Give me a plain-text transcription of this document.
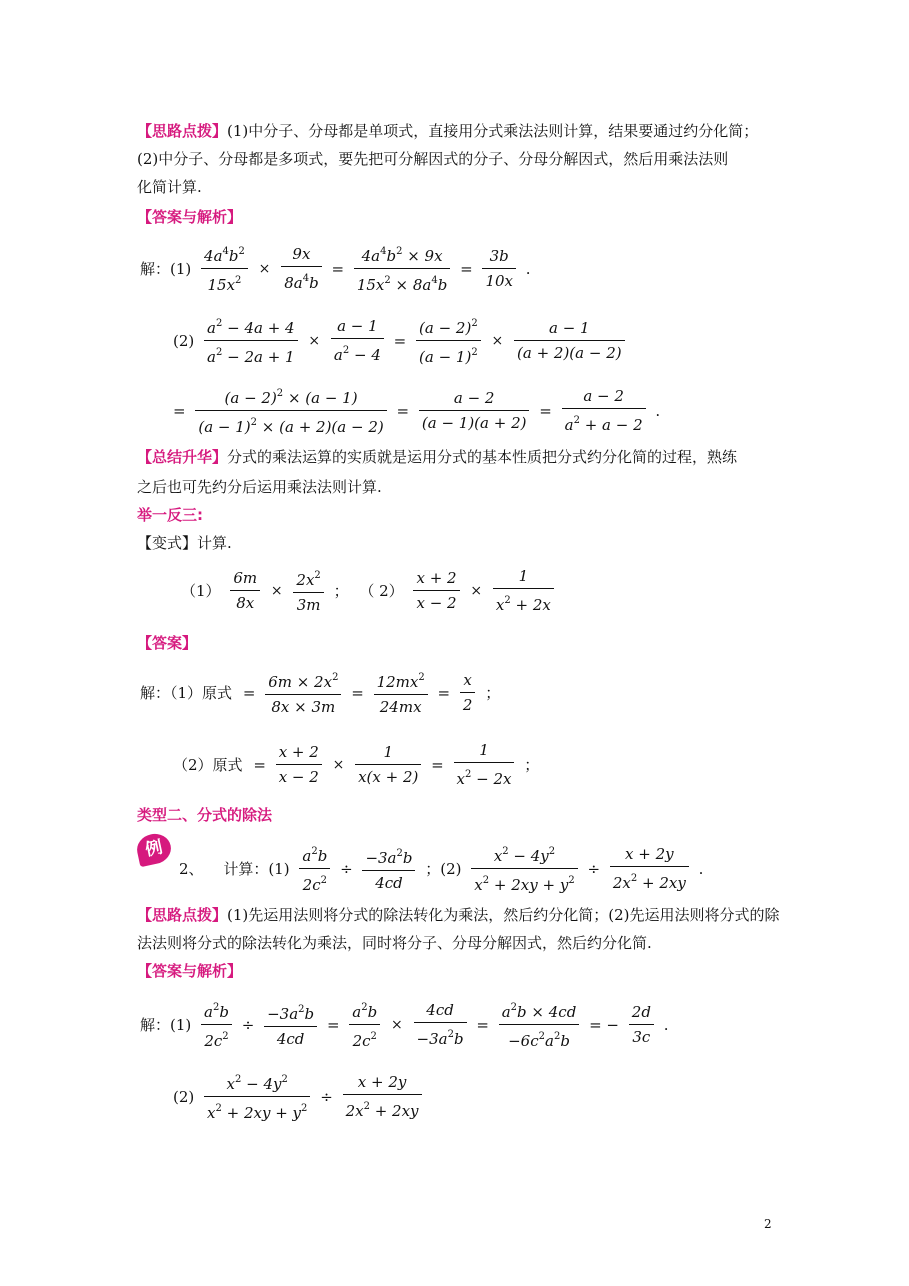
【思路点拨】(1)中分子、分母都是单项式，直接用分式乘法法则计算，结果要通过约分化简；
(2)中分子、分母都是多项式，要先把可分解因式的分子、分母分解因式，然后用乘法法则
化简计算.
【答案与解析】
解：$(1) \frac{4a^4b^2}{15x^2} \times \frac{9x}{8a^4b} = \frac{4a^4b^2 \times 9x}{15x^2 \times 8a^4b} = \frac{3b}{10x}$ .
$(2) \frac{a^2 - 4a + 4}{a^2 - 2a + 1} \times \frac{a - 1}{a^2 - 4} = \frac{(a - 2)^2}{(a - 1)^2} \times \frac{a - 1}{(a + 2)(a - 2)}$
= $\frac{(a - 2)^2 \times (a - 1)}{(a - 1)^2 \times (a + 2)(a - 2)} = \frac{a - 2}{(a - 1)(a + 2)} = \frac{a - 2}{a^2 + a - 2}$ .
【总结升华】分式的乘法运算的实质就是运用分式的基本性质把分式约分化简的过程，熟练
之后也可先约分后运用乘法法则计算.
举一反三:
【变式】计算.
$(1) \frac{6m}{8x} \times \frac{2x^2}{3m}$ ； （ $2) \frac{x + 2}{x - 2} \times \frac{1}{x^2 + 2x}$
【答案】
解：（1）原式 = $\frac{6m \times 2x^2}{8x \times 3m} = \frac{12mx^2}{24mx} = \frac{x}{2}$ ；
（2）原式 = $\frac{x + 2}{x - 2} \times \frac{1}{x(x + 2)} = \frac{1}{x^2 - 2x}$ ；
类型二、分式的除法
例
2、 计算：$(1) \frac{a^2b}{2c^2} \div \frac{-3a^2b}{4cd}$ ；$(2) \frac{x^2 - 4y^2}{x^2 + 2xy + y^2} \div \frac{x + 2y}{2x^2 + 2xy}$ .
【思路点拨】(1)先运用法则将分式的除法转化为乘法，然后约分化简；(2)先运用法则将分式的除
法法则将分式的除法转化为乘法，同时将分子、分母分解因式，然后约分化简.
【答案与解析】
解：$(1) \frac{a^2b}{2c^2} \div \frac{-3a^2b}{4cd} = \frac{a^2b}{2c^2} \times \frac{4cd}{-3a^2b} = \frac{a^2b \times 4cd}{-6c^2a^2b}$ = − $\frac{2d}{3c}$ .
$(2) \frac{x^2 - 4y^2}{x^2 + 2xy + y^2} \div \frac{x + 2y}{2x^2 + 2xy}$
2
